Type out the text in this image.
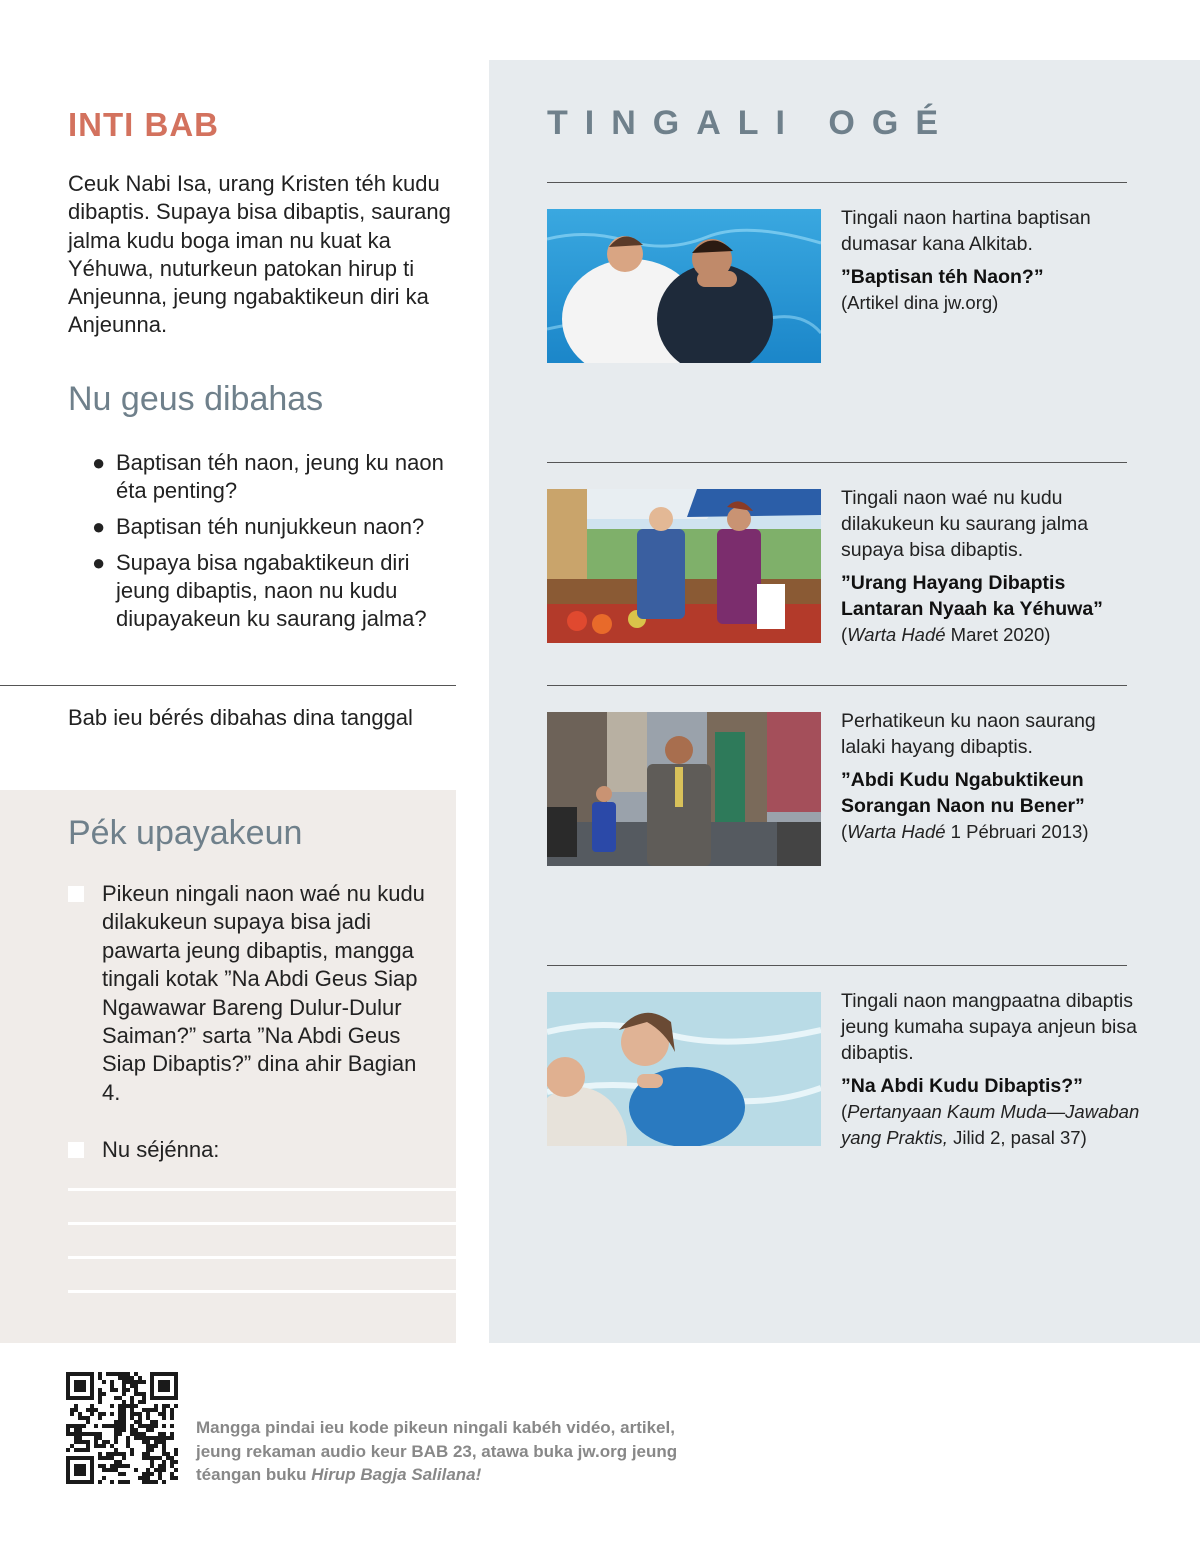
TINGALI OGÉ
Tingali naon hartina baptisan dumasar kana Alkitab.
”Baptisan téh Naon?”
(Artikel dina jw.org)
Tingali naon waé nu kudu dilakukeun ku saurang jalma supaya bisa dibaptis.
”Urang Hayang Dibaptis Lantaran Nyaah ka Yéhuwa”
(Warta Hadé Maret 2020)
Perhatikeun ku naon saurang lalaki hayang dibaptis.
”Abdi Kudu Ngabuktikeun Sorangan Naon nu Bener”
(Warta Hadé 1 Pébruari 2013)
Tingali naon mangpaatna dibaptis jeung kumaha supaya anjeun bisa dibaptis.
”Na Abdi Kudu Dibaptis?”
(Pertanyaan Kaum Muda—Jawaban yang Praktis, Jilid 2, pasal 37)
INTI BAB
Ceuk Nabi Isa, urang Kristen téh kudu dibaptis. Supaya bisa dibaptis, saurang jalma kudu boga iman nu kuat ka Yéhuwa, nuturkeun patokan hirup ti Anjeunna, jeung ngabaktikeun diri ka Anjeunna.
Nu geus dibahas
● Baptisan téh naon, jeung ku naon éta penting?
● Baptisan téh nunjukkeun naon?
● Supaya bisa ngabaktikeun diri jeung dibaptis, naon nu kudu diupayakeun ku saurang jalma?
Bab ieu bérés dibahas dina tanggal
Pék upayakeun
Pikeun ningali naon waé nu kudu dilakukeun supaya bisa jadi pawarta jeung dibaptis, mangga tingali kotak ”Na Abdi Geus Siap Ngawawar Bareng Dulur-Dulur Saiman?” sarta ”Na Abdi Geus Siap Dibaptis?” dina ahir Bagian 4.
Nu séjénna:
Mangga pindai ieu kode pikeun ningali kabéh vidéo, artikel, jeung rekaman audio keur BAB 23, atawa buka jw.org jeung téangan buku Hirup Bagja Salilana!
